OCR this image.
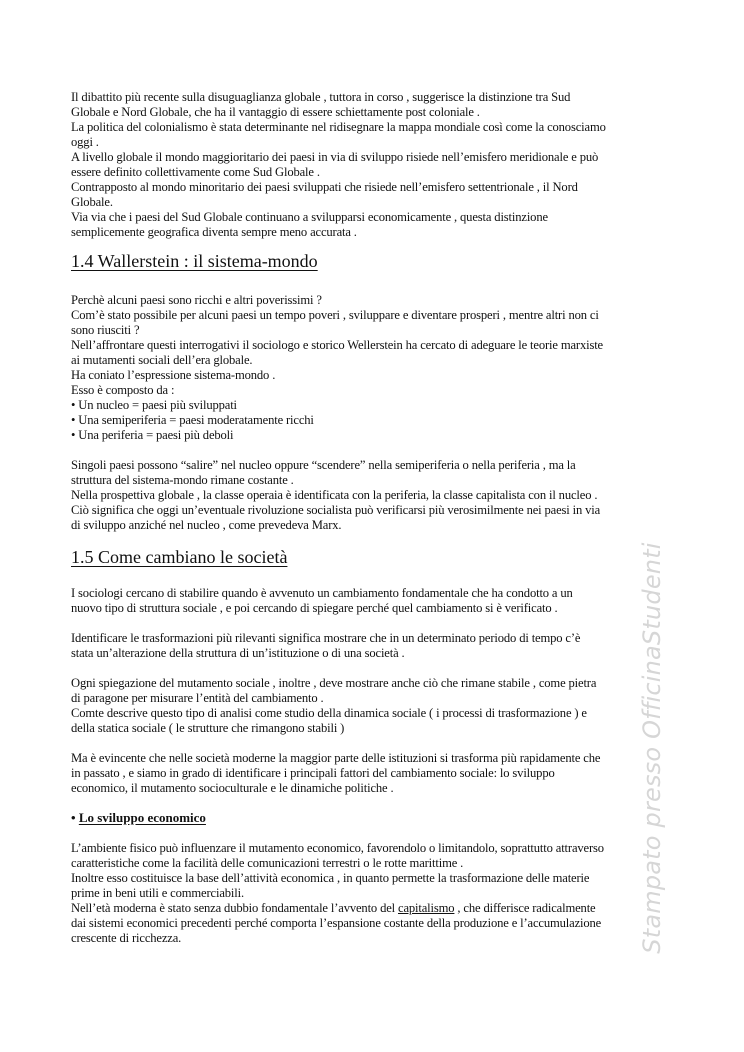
Stampato presso OfficinaStudenti
Il dibattito più recente sulla disuguaglianza globale , tuttora in corso , suggerisce la distinzione tra Sud
Globale e Nord Globale, che ha il vantaggio di essere schiettamente post coloniale .
La politica del colonialismo è stata determinante nel ridisegnare la mappa mondiale così come la conosciamo
oggi .
A livello globale il mondo maggioritario dei paesi in via di sviluppo risiede nell’emisfero meridionale e può
essere definito collettivamente come Sud Globale .
Contrapposto al mondo minoritario dei paesi sviluppati che risiede nell’emisfero settentrionale , il Nord
Globale.
Via via che i paesi del Sud Globale continuano a svilupparsi economicamente , questa distinzione
semplicemente geografica diventa sempre meno accurata .
1.4 Wallerstein : il sistema-mondo
Perchè alcuni paesi sono ricchi e altri poverissimi ?
Com’è stato possibile per alcuni paesi un tempo poveri , sviluppare e diventare prosperi , mentre altri non ci
sono riusciti ?
Nell’affrontare questi interrogativi il sociologo e storico Wellerstein ha cercato di adeguare le teorie marxiste
ai mutamenti sociali dell’era globale.
Ha coniato l’espressione sistema-mondo .
Esso è composto da :
• Un nucleo = paesi più sviluppati
• Una semiperiferia = paesi moderatamente ricchi
• Una periferia = paesi più deboli
Singoli paesi possono “salire” nel nucleo oppure “scendere” nella semiperiferia o nella periferia , ma la
struttura del sistema-mondo rimane costante .
Nella prospettiva globale , la classe operaia è identificata con la periferia, la classe capitalista con il nucleo .
Ciò significa che oggi un’eventuale rivoluzione socialista può verificarsi più verosimilmente nei paesi in via
di sviluppo anziché nel nucleo , come prevedeva Marx.
1.5 Come cambiano le società
I sociologi cercano di stabilire quando è avvenuto un cambiamento fondamentale che ha condotto a un
nuovo tipo di struttura sociale , e poi cercando di spiegare perché quel cambiamento si è verificato .
Identificare le trasformazioni più rilevanti significa mostrare che in un determinato periodo di tempo c’è
stata un’alterazione della struttura di un’istituzione o di una società .
Ogni spiegazione del mutamento sociale , inoltre , deve mostrare anche ciò che rimane stabile , come pietra
di paragone per misurare l’entità del cambiamento .
Comte descrive questo tipo di analisi come studio della dinamica sociale ( i processi di trasformazione ) e
della statica sociale ( le strutture che rimangono stabili )
Ma è evincente che nelle società moderne la maggior parte delle istituzioni si trasforma più rapidamente che
in passato , e siamo in grado di identificare i principali fattori del cambiamento sociale: lo sviluppo
economico, il mutamento socioculturale e le dinamiche politiche .
• Lo sviluppo economico
L’ambiente fisico può influenzare il mutamento economico, favorendolo o limitandolo, soprattutto attraverso
caratteristiche come la facilità delle comunicazioni terrestri o le rotte marittime .
Inoltre esso costituisce la base dell’attività economica , in quanto permette la trasformazione delle materie
prime in beni utili e commerciabili.
Nell’età moderna è stato senza dubbio fondamentale l’avvento del capitalismo , che differisce radicalmente
dai sistemi economici precedenti perché comporta l’espansione costante della produzione e l’accumulazione
crescente di ricchezza.
